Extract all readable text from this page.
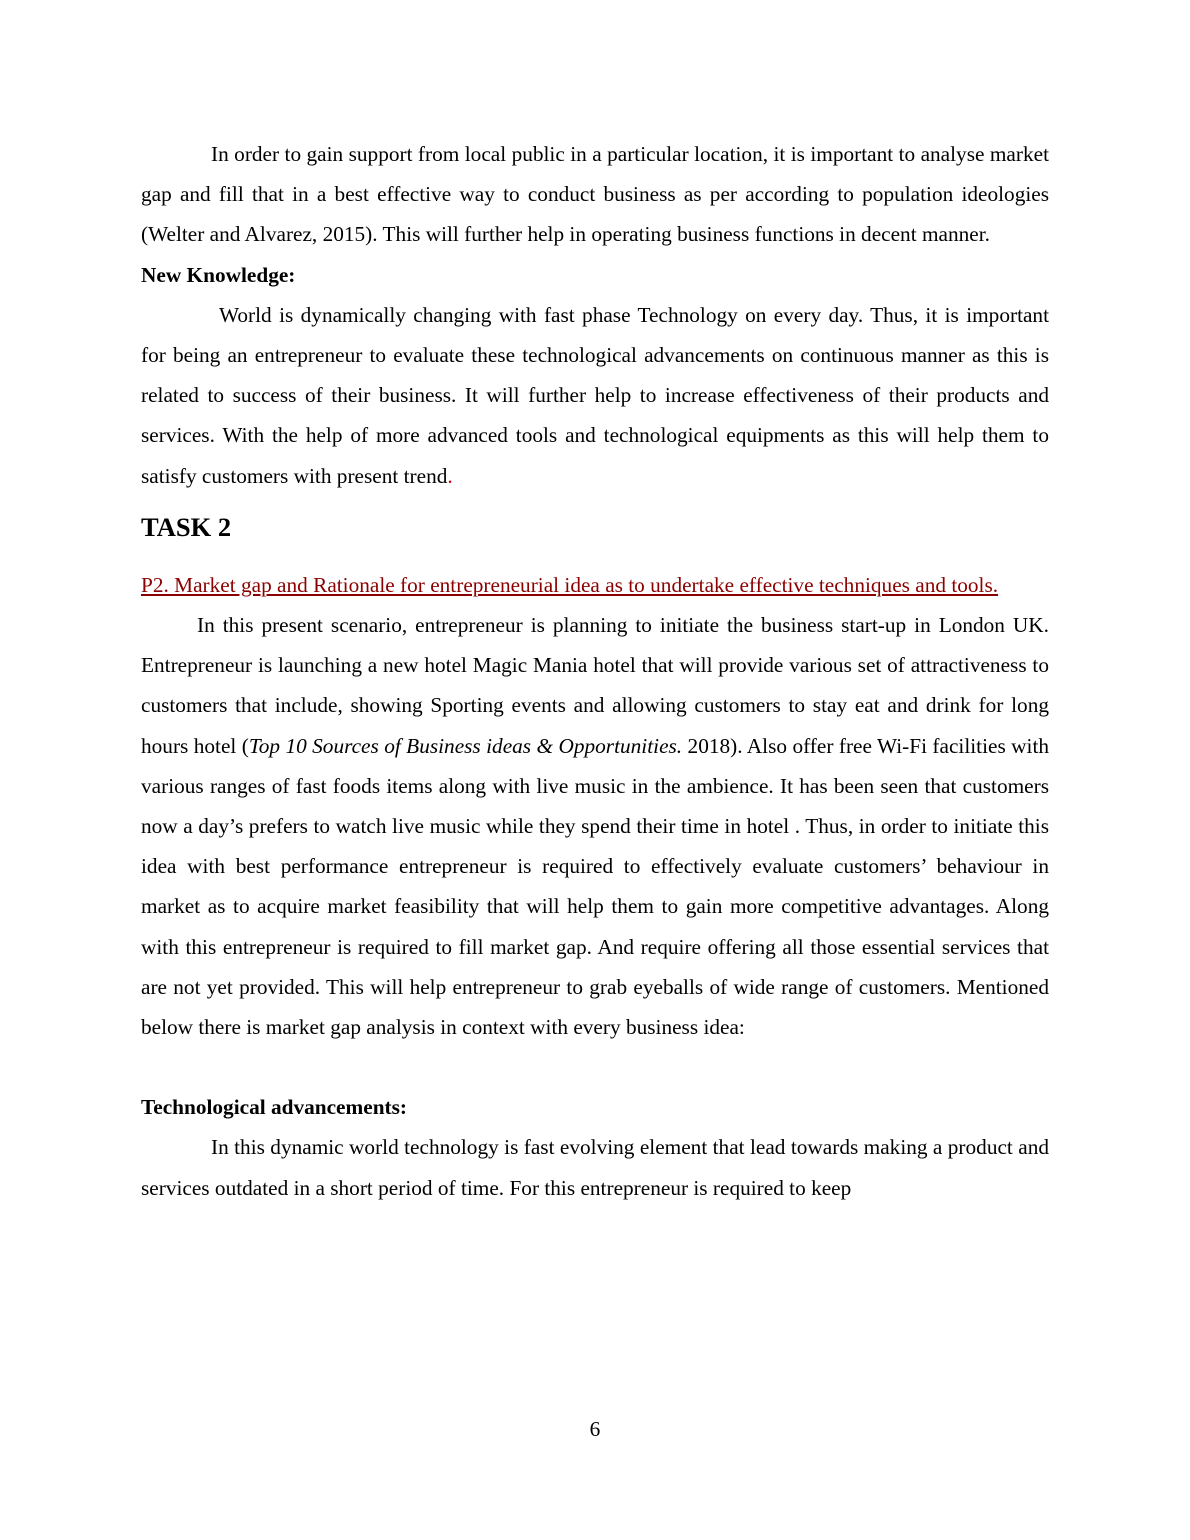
In order to gain support from local public in a particular location, it is important to analyse market gap and fill that in a best effective way to conduct business as per according to population ideologies (Welter and Alvarez, 2015). This will further help in operating business functions in decent manner.

New Knowledge:

World is dynamically changing with fast phase Technology on every day. Thus, it is important for being an entrepreneur to evaluate these technological advancements on continuous manner as this is related to success of their business. It will further help to increase effectiveness of their products and services. With the help of more advanced tools and technological equipments as this will help them to satisfy customers with present trend.

TASK 2

P2. Market gap and Rationale for entrepreneurial idea as to undertake effective techniques and tools.

In this present scenario, entrepreneur is planning to initiate the business start-up in London UK. Entrepreneur is launching a new hotel Magic Mania hotel that will provide various set of attractiveness to customers that include, showing Sporting events and allowing customers to stay eat and drink for long hours hotel (Top 10 Sources of Business ideas & Opportunities. 2018). Also offer free Wi-Fi facilities with various ranges of fast foods items along with live music in the ambience. It has been seen that customers now a day’s prefers to watch live music while they spend their time in hotel . Thus, in order to initiate this idea with best performance entrepreneur is required to effectively evaluate customers’ behaviour in market as to acquire market feasibility that will help them to gain more competitive advantages. Along with this entrepreneur is required to fill market gap. And require offering all those essential services that are not yet provided. This will help entrepreneur to grab eyeballs of wide range of customers. Mentioned below there is market gap analysis in context with every business idea:

Technological advancements:

In this dynamic world technology is fast evolving element that lead towards making a product and services outdated in a short period of time. For this entrepreneur is required to keep

6
